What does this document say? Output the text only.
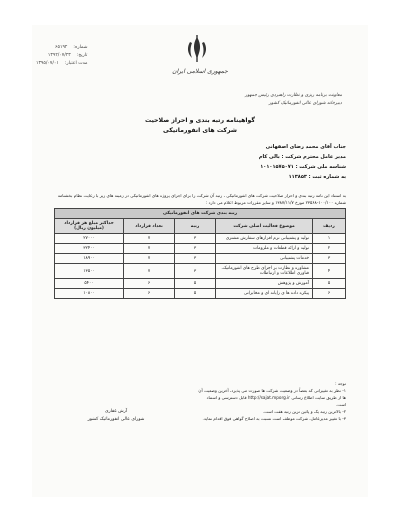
شماره:
۶۵۱۹۲
تاریخ:
۱۳۹۲/۰۷/۲۳
مدت اعتبار:
۱۳۹۵/۰۷/۰۱
جمهوری اسلامی ایران
معاونت برنامه ریزی و نظارت راهبردی رئیس جمهور
دبیرخانه شورای عالی انفورماتیک کشور
گواهینامه رتبه بندی و احراز صلاحیت
شرکت های انفورماتیکی
جناب آقای محمد رضای اصفهانی
مدیر عامل محترم شرکت : بالی کام
شناسه ملی شرکت : ۱۰۱۰۱۵۷۵۰۷۱
به شماره ثبت : ۱۱۳۸۵۳
به استناد این نامه رتبه بندی و احراز صلاحیت شرکت های انفورماتیکی ، رتبه آن شرکت را برای اجرای پروژه های انفورماتیکی در زمینه های زیر با رعایت نظام بخشنامه شماره ۱۰۰/۱۰۰-۲۳۵۶۸ مورخ ۱۳۸۷/۱۱/۷ و سایر مقررات مربوط اعلام می دارد :
رتبه بندی شرکت های انفورماتیکی				
ردیف	موضوع فعالیت اصلی شرکت	رتبه	تعداد قرارداد	حداکثر مبلغ هر قرارداد (میلیون ریال)
۱	تولید و پشتیبانی نرم افزارهای سفارش مشتری	۳	۷	۲۷۰۰۰
۲	تولید و ارائه قطعات و ملزومات	۳	۷	۳۲۴۰۰
۳	خدمات پشتیبانی	۳	۷	۱۸۹۰۰
۴	مشاوره و نظارت بر اجرای طرح های انفورماتیک، فناوری اطلاعات و ارتباطات	۳	۷	۱۳۵۰۰
۵	آموزش و پژوهش	۵	۶	۵۴۰۰
۶	پیکره داده ها ی رایانه ای و مخابراتی	۵	۶	۱۰۸۰۰
توجه :
۱- نظر به تغییراتی که بعضاً در وضعیت شرکت ها صورت می پذیرد، آخرین وضعیت آن ها از طریق سایت اطلاع رسانی http://sajat.mporg.ir قابل دسترسی و استناد است.
۲- بالاترین رتبه یک و پائین ترین رتبه هفت است.
۳- با تغییر مدیرعامل، شرکت موظف است نسبت به اصلاح گواهی فوق اقدام نماید.
آرش غفاری
شورای عالی انفورماتیک کشور
